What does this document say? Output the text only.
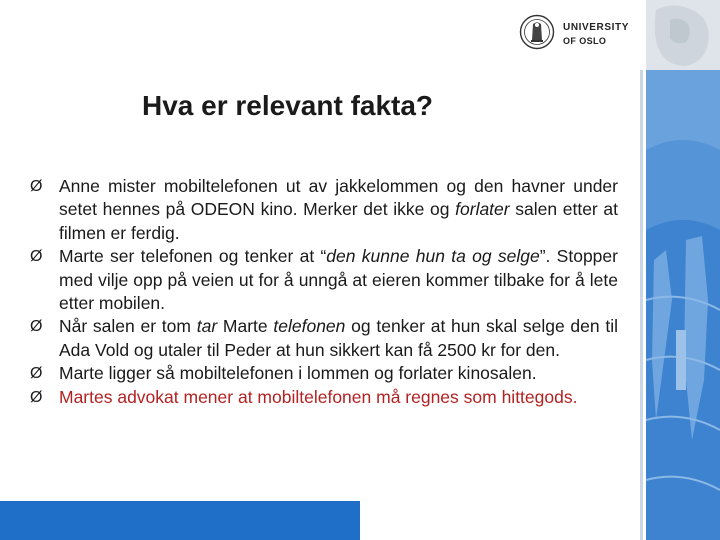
UNIVERSITY
OF OSLO
Hva er relevant fakta?
Ø Anne mister mobiltelefonen ut av jakkelommen og den havner under setet hennes på ODEON kino. Merker det ikke og forlater salen etter at filmen er ferdig.
Ø Marte ser telefonen og tenker at “den kunne hun ta og selge”. Stopper med vilje opp på veien ut for å unngå at eieren kommer tilbake for å lete etter mobilen.
Ø Når salen er tom tar Marte telefonen og tenker at hun skal selge den til Ada Vold og utaler til Peder at hun sikkert kan få 2500 kr for den.
Ø Marte ligger så mobiltelefonen i lommen og forlater kinosalen.
Ø Martes advokat mener at mobiltelefonen må regnes som hittegods.
